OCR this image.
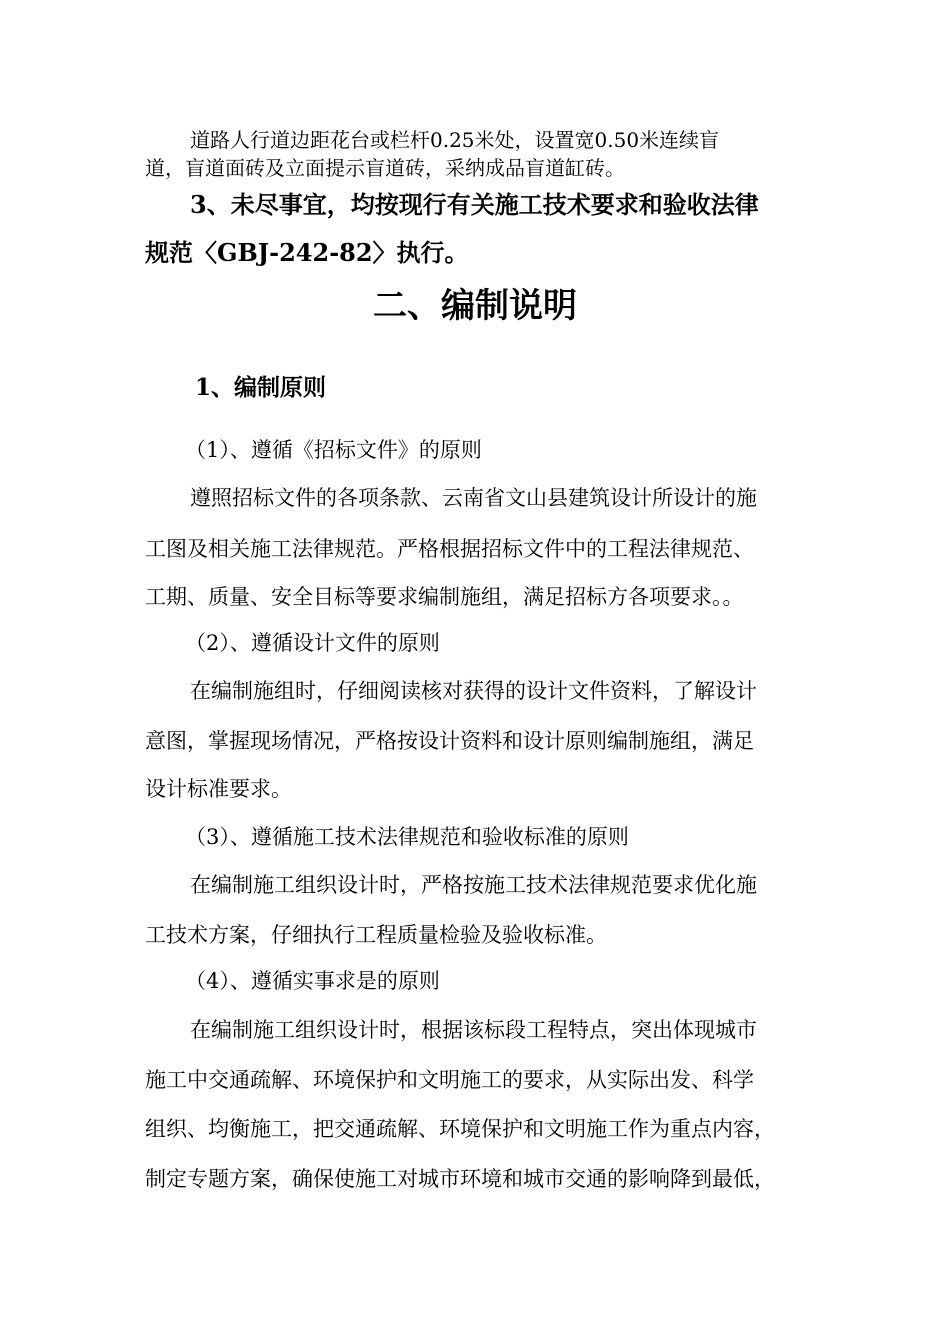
道路人行道边距花台或栏杆0.25米处，设置宽0.50米连续盲

道，盲道面砖及立面提示盲道砖，采纳成品盲道缸砖。

3、未尽事宜，均按现行有关施工技术要求和验收法律

规范〈GBJ-242-82〉执行。

二、编制说明

1、编制原则

（1）、遵循《招标文件》的原则

遵照招标文件的各项条款、云南省文山县建筑设计所设计的施

工图及相关施工法律规范。严格根据招标文件中的工程法律规范、

工期、质量、安全目标等要求编制施组，满足招标方各项要求。。

（2）、遵循设计文件的原则

在编制施组时，仔细阅读核对获得的设计文件资料，了解设计

意图，掌握现场情况，严格按设计资料和设计原则编制施组，满足

设计标准要求。

（3）、遵循施工技术法律规范和验收标准的原则

在编制施工组织设计时，严格按施工技术法律规范要求优化施

工技术方案，仔细执行工程质量检验及验收标准。

（4）、遵循实事求是的原则

在编制施工组织设计时，根据该标段工程特点，突出体现城市

施工中交通疏解、环境保护和文明施工的要求，从实际出发、科学

组织、均衡施工，把交通疏解、环境保护和文明施工作为重点内容，

制定专题方案，确保使施工对城市环境和城市交通的影响降到最低，
